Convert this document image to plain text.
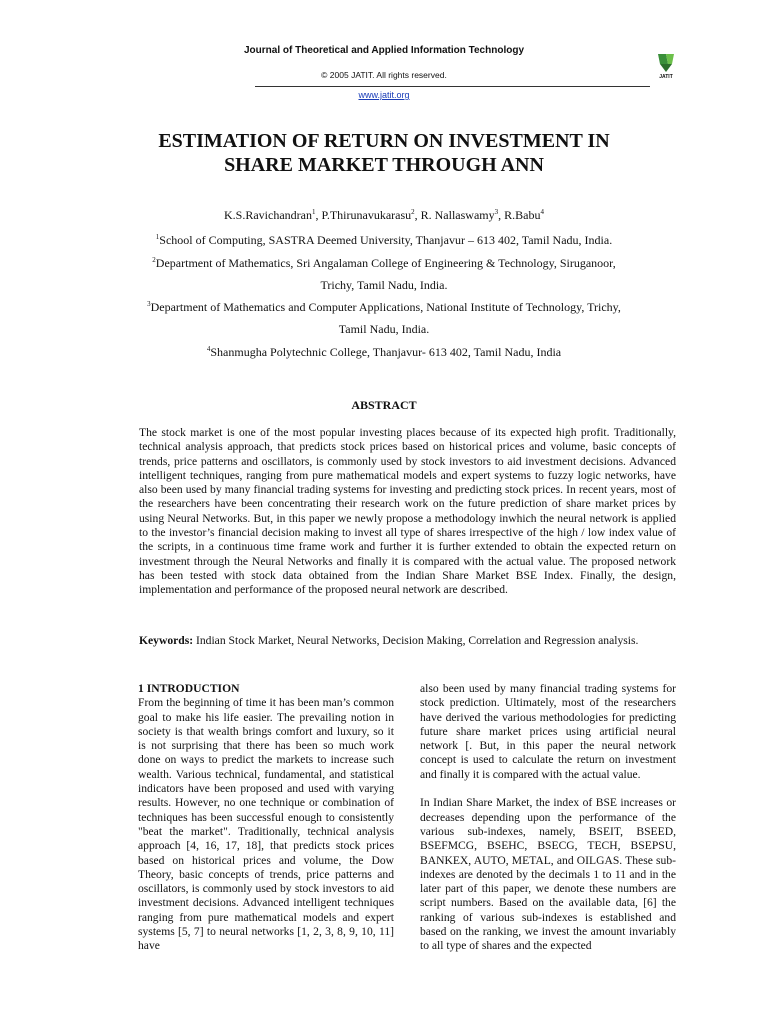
Journal of Theoretical and Applied Information Technology
© 2005 JATIT. All rights reserved.
www.jatit.org
JATIT
ESTIMATION OF RETURN ON INVESTMENT IN
SHARE MARKET THROUGH ANN
K.S.Ravichandran$^1$, P.Thirunavukarasu$^2$, R. Nallaswamy$^3$, R.Babu$^4$
$^1$School of Computing, SASTRA Deemed University, Thanjavur – 613 402, Tamil Nadu, India.
$^2$Department of Mathematics, Sri Angalaman College of Engineering & Technology, Siruganoor,
Trichy, Tamil Nadu, India.
$^3$Department of Mathematics and Computer Applications, National Institute of Technology, Trichy,
Tamil Nadu, India.
$^4$Shanmugha Polytechnic College, Thanjavur- 613 402, Tamil Nadu, India
ABSTRACT
The stock market is one of the most popular investing places because of its expected high profit. Traditionally, technical analysis approach, that predicts stock prices based on historical prices and volume, basic concepts of trends, price patterns and oscillators, is commonly used by stock investors to aid investment decisions. Advanced intelligent techniques, ranging from pure mathematical models and expert systems to fuzzy logic networks, have also been used by many financial trading systems for investing and predicting stock prices. In recent years, most of the researchers have been concentrating their research work on the future prediction of share market prices by using Neural Networks. But, in this paper we newly propose a methodology inwhich the neural network is applied to the investor’s financial decision making to invest all type of shares irrespective of the high / low index value of the scripts, in a continuous time frame work and further it is further extended to obtain the expected return on investment through the Neural Networks and finally it is compared with the actual value. The proposed network has been tested with stock data obtained from the Indian Share Market BSE Index. Finally, the design, implementation and performance of the proposed neural network are described.
Keywords: Indian Stock Market, Neural Networks, Decision Making, Correlation and Regression analysis.

1 INTRODUCTION

From the beginning of time it has been man’s common goal to make his life easier. The prevailing notion in society is that wealth brings comfort and luxury, so it is not surprising that there has been so much work done on ways to predict the markets to increase such wealth. Various technical, fundamental, and statistical indicators have been proposed and used with varying results. However, no one technique or combination of techniques has been successful enough to consistently "beat the market". Traditionally, technical analysis approach [4, 16, 17, 18], that predicts stock prices based on historical prices and volume, the Dow Theory, basic concepts of trends, price patterns and oscillators, is commonly used by stock investors to aid investment decisions. Advanced intelligent techniques ranging from pure mathematical models and expert systems [5, 7] to neural networks [1, 2, 3, 8, 9, 10, 11] have

also been used by many financial trading systems for stock prediction. Ultimately, most of the researchers have derived the various methodologies for predicting future share market prices using artificial neural network [. But, in this paper the neural network concept is used to calculate the return on investment and finally it is compared with the actual value.

In Indian Share Market, the index of BSE increases or decreases depending upon the performance of the various sub-indexes, namely, BSEIT, BSEED, BSEFMCG, BSEHC, BSECG, TECH, BSEPSU, BANKEX, AUTO, METAL, and OILGAS. These sub-indexes are denoted by the decimals 1 to 11 and in the later part of this paper, we denote these numbers are script numbers. Based on the available data, [6] the ranking of various sub-indexes is established and based on the ranking, we invest the amount invariably to all type of shares and the expected
